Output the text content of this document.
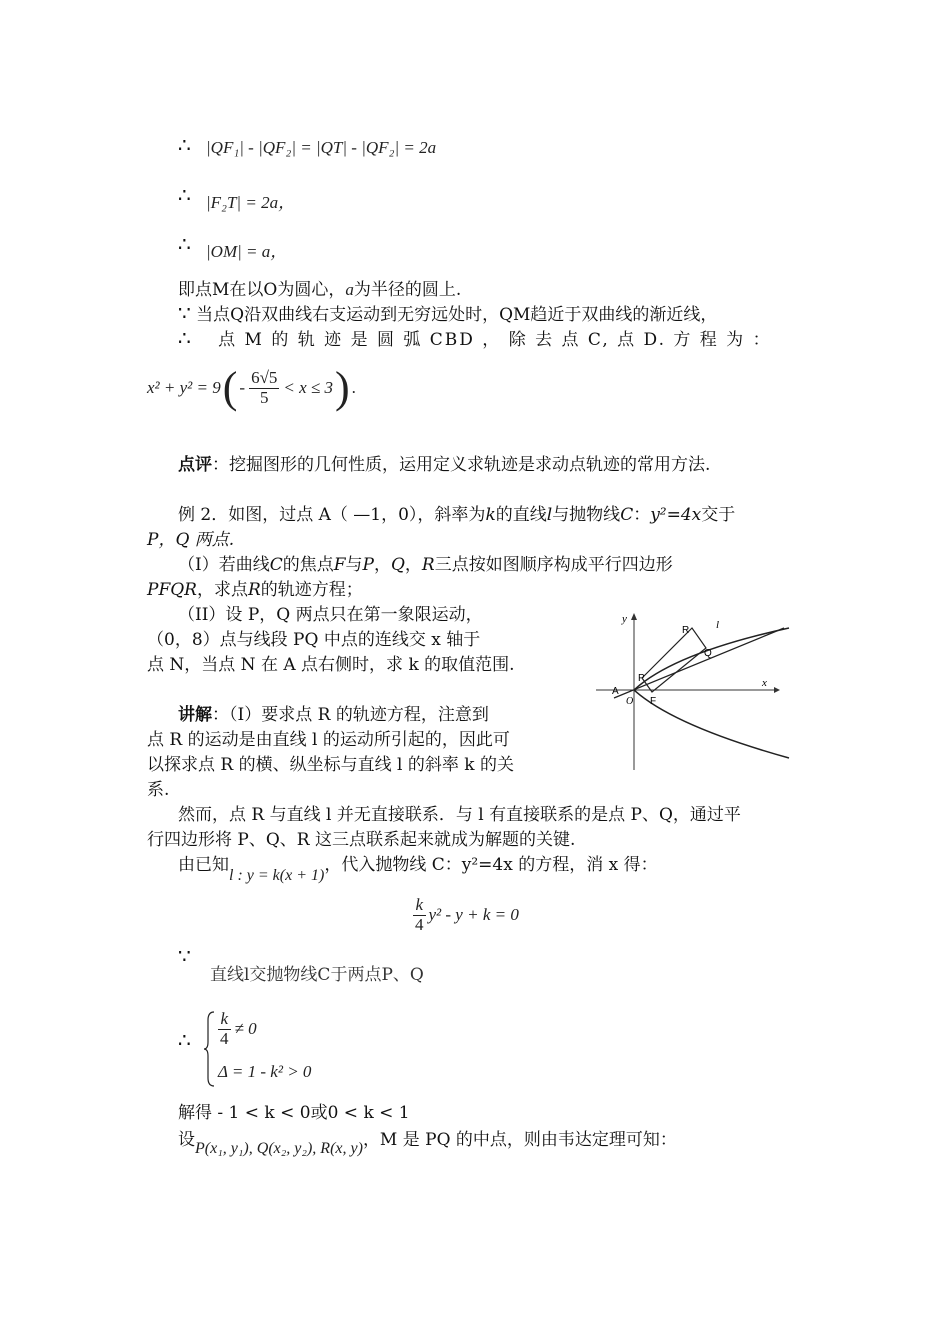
∴ |QF₁| - |QF₂| = |QT| - |QF₂| = 2a
∴ |F₂T| = 2a，
∴ |OM| = a，
即点M在以O为圆心，a为半径的圆上.
∵ 当点Q沿双曲线右支运动到无穷远处时，QM趋近于双曲线的渐近线，
∴ 点 M 的 轨 迹 是 圆 弧 CBD ， 除 去 点 C, 点 D. 方 程 为 ：
x² + y² = 9 ( - $\frac{6√5}{5} < x \le 3$ ) .
点评：挖掘图形的几何性质，运用定义求轨迹是求动点轨迹的常用方法.
例 2．如图，过点 A（ —1，0），斜率为k的直线l与抛物线C：y²=4x交于
P，Q 两点.
（I）若曲线C的焦点F与P，Q，R三点按如图顺序构成平行四边形
PFQR，求点R的轨迹方程；
（II）设 P，Q 两点只在第一象限运动，
（0，8）点与线段 PQ 中点的连线交 x 轴于
点 N，当点 N 在 A 点右侧时，求 k 的取值范围.
讲解：（I）要求点 R 的轨迹方程，注意到
点 R 的运动是由直线 l 的运动所引起的，因此可
以探求点 R 的横、纵坐标与直线 l 的斜率 k 的关
系.
y
x
R l
Q
P
A
O F
然而，点 R 与直线 l 并无直接联系．与 l 有直接联系的是点 P、Q，通过平
行四边形将 P、Q、R 这三点联系起来就成为解题的关键.
由已知l : y = k(x + 1)，代入抛物线 C：y²=4x 的方程，消 x 得：
$\frac{k}{4} y^2 - y + k = 0$
∵
直线l交抛物线C于两点P、Q
∴ $\frac{k}{4} \ne 0$
Δ = 1 - k² > 0
解得 - 1 < k < 0或0 < k < 1
设P(x₁, y₁), Q(x₂, y₂), R(x, y)，M 是 PQ 的中点，则由韦达定理可知：
